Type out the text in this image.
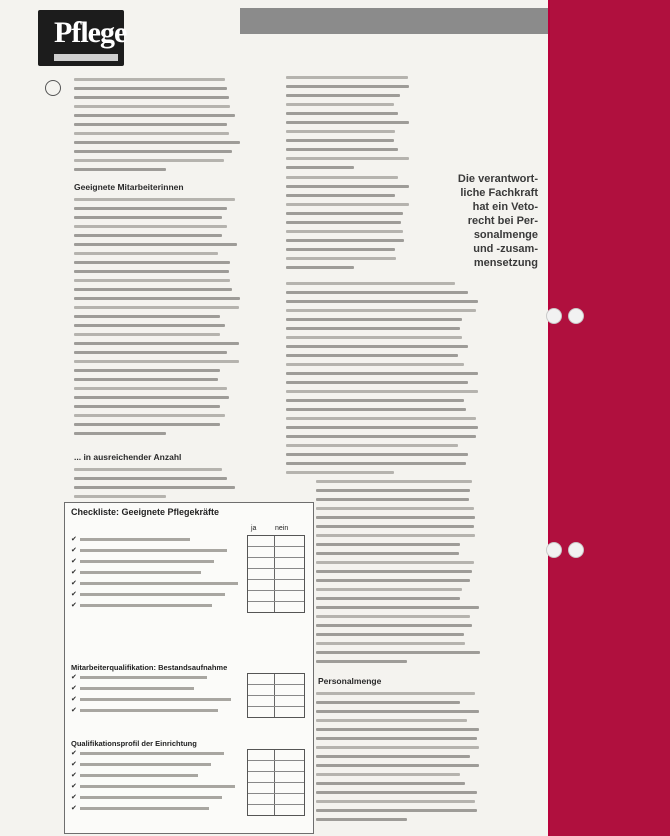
Pflege
Geeignete Mitarbeiterinnen
... in ausreichender Anzahl
Personalmenge
Die verantwort-
liche Fachkraft
hat ein Veto-
recht bei Per-
sonalmenge
und -zusam-
mensetzung
Checkliste: Geeignete Pflegekräfte
ja	nein
Mitarbeiterqualifikation: Bestandsaufnahme
Qualifikationsprofil der Einrichtung
✔
✔
✔
✔
✔
✔
✔
✔
✔
✔
✔
✔
✔
✔
✔
✔
✔
